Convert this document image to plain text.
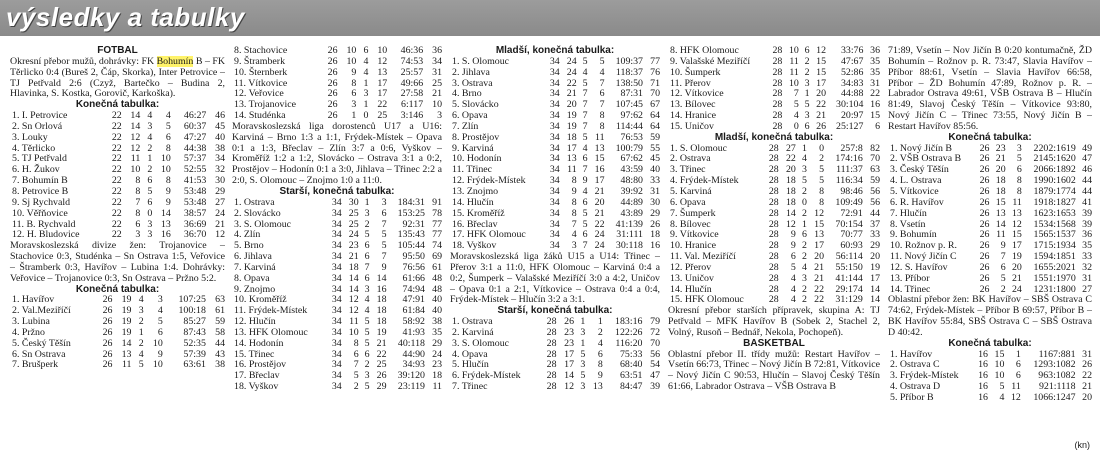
výsledky a tabulky

FOTBAL

Okresní přebor mužů, dohrávky: FK Bohumín B – FK Těrlicko 0:4 (Bureš 2, Čáp, Skorka), Inter Petrovice – TJ Petřvald 2:6 (Czyž, Bartečko – Budina 2, Hlavinka, S. Kostka, Gorovič, Karkoška).

Konečná tabulka:

1. I. Petrovice	22	14	4	4	46:27	46
2. Sn Orlová	22	14	3	5	60:37	45
3. Louky	22	12	4	6	47:27	40
4. Těrlicko	22	12	2	8	44:38	38
5. TJ Petřvald	22	11	1	10	57:37	34
6. H. Žukov	22	10	2	10	52:55	32
7. Bohumín B	22	8	6	8	41:53	30
8. Petrovice B	22	8	5	9	53:48	29
9. Sj Rychvald	22	7	6	9	53:48	27
10. Věřňovice	22	8	0	14	38:57	24
11. B. Rychvald	22	6	3	13	36:69	21
12. H. Bludovice	22	3	3	16	36:70	12

Moravskoslezská divize žen: Trojanovice – Stachovice 0:3, Studénka – Sn Ostrava 1:5, Veřovice – Štramberk 0:3, Havířov – Lubina 1:4. Dohrávky: Veřovice – Trojanovice 0:3, Sn Ostrava – Pržno 5:2.

Konečná tabulka:

1. Havířov	26	19	4	3	107:25	63
2. Val.Meziříčí	26	19	3	4	100:18	61
3. Lubina	26	19	2	5	85:27	59
4. Pržno	26	19	1	6	87:43	58
5. Český Těšín	26	14	2	10	52:35	44
6. Sn Ostrava	26	13	4	9	57:39	43
7. Brušperk	26	11	5	10	63:61	38
8. Stachovice	26	10	6	10	46:36	36
9. Štramberk	26	10	4	12	74:53	34
10. Šternberk	26	9	4	13	25:57	31
11. Vítkovice	26	8	1	17	49:66	25
12. Veřovice	26	6	3	17	27:58	21
13. Trojanovice	26	3	1	22	6:117	10
14. Studénka	26	1	0	25	3:146	3

Moravskoslezská liga dorostenců U17 a U16: Karviná – Brno 1:3 a 1:1, Frýdek-Místek – Opava 0:1 a 1:3, Břeclav – Zlín 3:7 a 0:6, Vyškov – Kroměříž 1:2 a 1:2, Slovácko – Ostrava 3:1 a 0:2, Prostějov – Hodonín 0:1 a 3:0, Jihlava – Třinec 2:2 a 2:0, S. Olomouc – Znojmo 1:0 a 11:0.

Starší, konečná tabulka:

1. Ostrava	34	30	1	3	184:31	91
2. Slovácko	34	25	3	6	153:25	78
3. S. Olomouc	34	25	2	7	92:31	77
4. Zlín	34	24	5	5	135:43	77
5. Brno	34	23	6	5	105:44	74
6. Jihlava	34	21	6	7	95:50	69
7. Karviná	34	18	7	9	76:56	61
8. Opava	34	14	6	14	61:66	48
9. Znojmo	34	14	3	16	74:94	48
10. Kroměříž	34	12	4	18	47:91	40
11. Frýdek-Místek	34	12	4	18	61:84	40
12. Hlučín	34	11	5	18	58:92	38
13. HFK Olomouc	34	10	5	19	41:93	35
14. Hodonín	34	8	5	21	40:118	29
15. Třinec	34	6	6	22	44:90	24
16. Prostějov	34	7	2	25	34:93	23
17. Břeclav	34	5	3	26	39:120	18
18. Vyškov	34	2	5	29	23:119	11

Mladší, konečná tabulka:

1. S. Olomouc	34	24	5	5	109:37	77
2. Jihlava	34	24	4	4	118:37	76
3. Ostrava	34	22	5	7	138:50	71
4. Brno	34	21	7	6	87:31	70
5. Slovácko	34	20	7	7	107:45	67
6. Opava	34	19	7	8	97:62	64
7. Zlín	34	19	7	8	114:44	64
8. Prostějov	34	18	5	11	76:53	59
9. Karviná	34	17	4	13	100:79	55
10. Hodonín	34	13	6	15	67:62	45
11. Třinec	34	11	7	16	43:59	40
12. Frýdek-Místek	34	8	9	17	48:80	33
13. Znojmo	34	9	4	21	39:92	31
14. Hlučín	34	8	6	20	44:89	30
15. Kroměříž	34	8	5	21	43:89	29
16. Břeclav	34	7	5	22	41:139	26
17. HFK Olomouc	34	4	6	24	31:111	18
18. Vyškov	34	3	7	24	30:118	16

Moravskoslezská liga žáků U15 a U14: Třinec – Přerov 3:1 a 11:0, HFK Olomouc – Karviná 0:4 a 0:2, Šumperk – Valašské Meziříčí 3:0 a 4:2, Uničov – Opava 0:1 a 2:1, Vítkovice – Ostrava 0:4 a 0:4, Frýdek-Místek – Hlučín 3:2 a 3:1.

Starší, konečná tabulka:

1. Ostrava	28	26	1	1	183:16	79
2. Karviná	28	23	3	2	122:26	72
3. S. Olomouc	28	23	1	4	116:20	70
4. Opava	28	17	5	6	75:33	56
5. Hlučín	28	17	3	8	68:40	54
6. Frýdek-Místek	28	14	5	9	63:51	47
7. Třinec	28	12	3	13	84:47	39
8. HFK Olomouc	28	10	6	12	33:76	36
9. Valašské Meziříčí	28	11	2	15	47:67	35
10. Šumperk	28	11	2	15	52:86	35
11. Přerov	28	10	3	17	34:83	31
12. Vítkovice	28	7	1	20	44:88	22
13. Bílovec	28	5	5	22	30:104	16
14. Hranice	28	4	3	21	20:97	15
15. Uničov	28	0	6	26	25:127	6

Mladší, konečná tabulka:

1. S. Olomouc	28	27	1	0	257:8	82
2. Ostrava	28	22	4	2	174:16	70
3. Třinec	28	20	3	5	111:37	63
4. Frýdek-Místek	28	18	5	5	116:34	59
5. Karviná	28	18	2	8	98:46	56
6. Opava	28	18	0	8	109:49	56
7. Šumperk	28	14	2	12	72:91	44
8. Bílovec	28	12	1	15	70:154	37
9. Vítkovice	28	9	6	13	70:77	33
10. Hranice	28	9	2	17	60:93	29
11. Val. Meziříčí	28	6	2	20	56:114	20
12. Přerov	28	5	4	21	55:150	19
13. Uničov	28	4	3	21	41:144	17
14. Hlučín	28	4	2	22	29:174	14
15. HFK Olomouc	28	4	2	22	31:129	14

Okresní přebor starších přípravek, skupina A: TJ Petřvald – MFK Havířov B (Sobek 2, Stachel 2, Volný, Rusoň – Bednář, Nekola, Pochopeň).

BASKETBAL

Oblastní přebor II. třídy mužů: Restart Havířov – Vsetín 66:73, Třinec – Nový Jičín B 72:81, Vítkovice – Nový Jičín C 90:53, Hlučín – Slavoj Český Těšín 61:66, Labrador Ostrava – VŠB Ostrava B

71:89, Vsetín – Nov Jičín B 0:20 kontumačně, ŽD Bohumín – Rožnov p. R. 73:47, Slavia Havířov – Příbor 88:61, Vsetín – Slavia Havířov 66:58, Příbor – ŽD Bohumín 47:89, Rožnov p. R. – Labrador Ostrava 49:61, VŠB Ostrava B – Hlučín 81:49, Slavoj Český Těšín – Vítkovice 93:80, Nový Jičín C – Třinec 73:55, Nový Jičín B – Restart Havířov 85:56.

Konečná tabulka:

1. Nový Jičín B	26	23	3	2202:1619	49
2. VŠB Ostrava B	26	21	5	2145:1620	47
3. Český Těšín	26	20	6	2066:1892	46
4. L. Ostrava	26	18	8	1990:1602	44
5. Vítkovice	26	18	8	1879:1774	44
6. R. Havířov	26	15	11	1918:1827	41
7. Hlučín	26	13	13	1623:1653	39
8. Vsetín	26	14	12	1534:1568	39
9. Bohumín	26	11	15	1565:1537	36
10. Rožnov p. R.	26	9	17	1715:1934	35
11. Nový Jičín C	26	7	19	1594:1851	33
12. S. Havířov	26	6	20	1655:2021	32
13. Příbor	26	5	21	1551:1970	31
14. Třinec	26	2	24	1231:1800	27

Oblastní přebor žen: BK Havířov – SBŠ Ostrava C 74:62, Frýdek-Místek – Příbor B 69:57, Příbor B – BK Havířov 55:84, SBŠ Ostrava C – SBŠ Ostrava D 40:42.

Konečná tabulka:

1. Havířov	16	15	1	1167:881	31
2. Ostrava C	16	10	6	1293:1082	26
3. Frýdek-Místek	16	10	6	963:1082	22
4. Ostrava D	16	5	11	921:1118	21
5. Příbor B	16	4	12	1066:1247	20
(kn)
